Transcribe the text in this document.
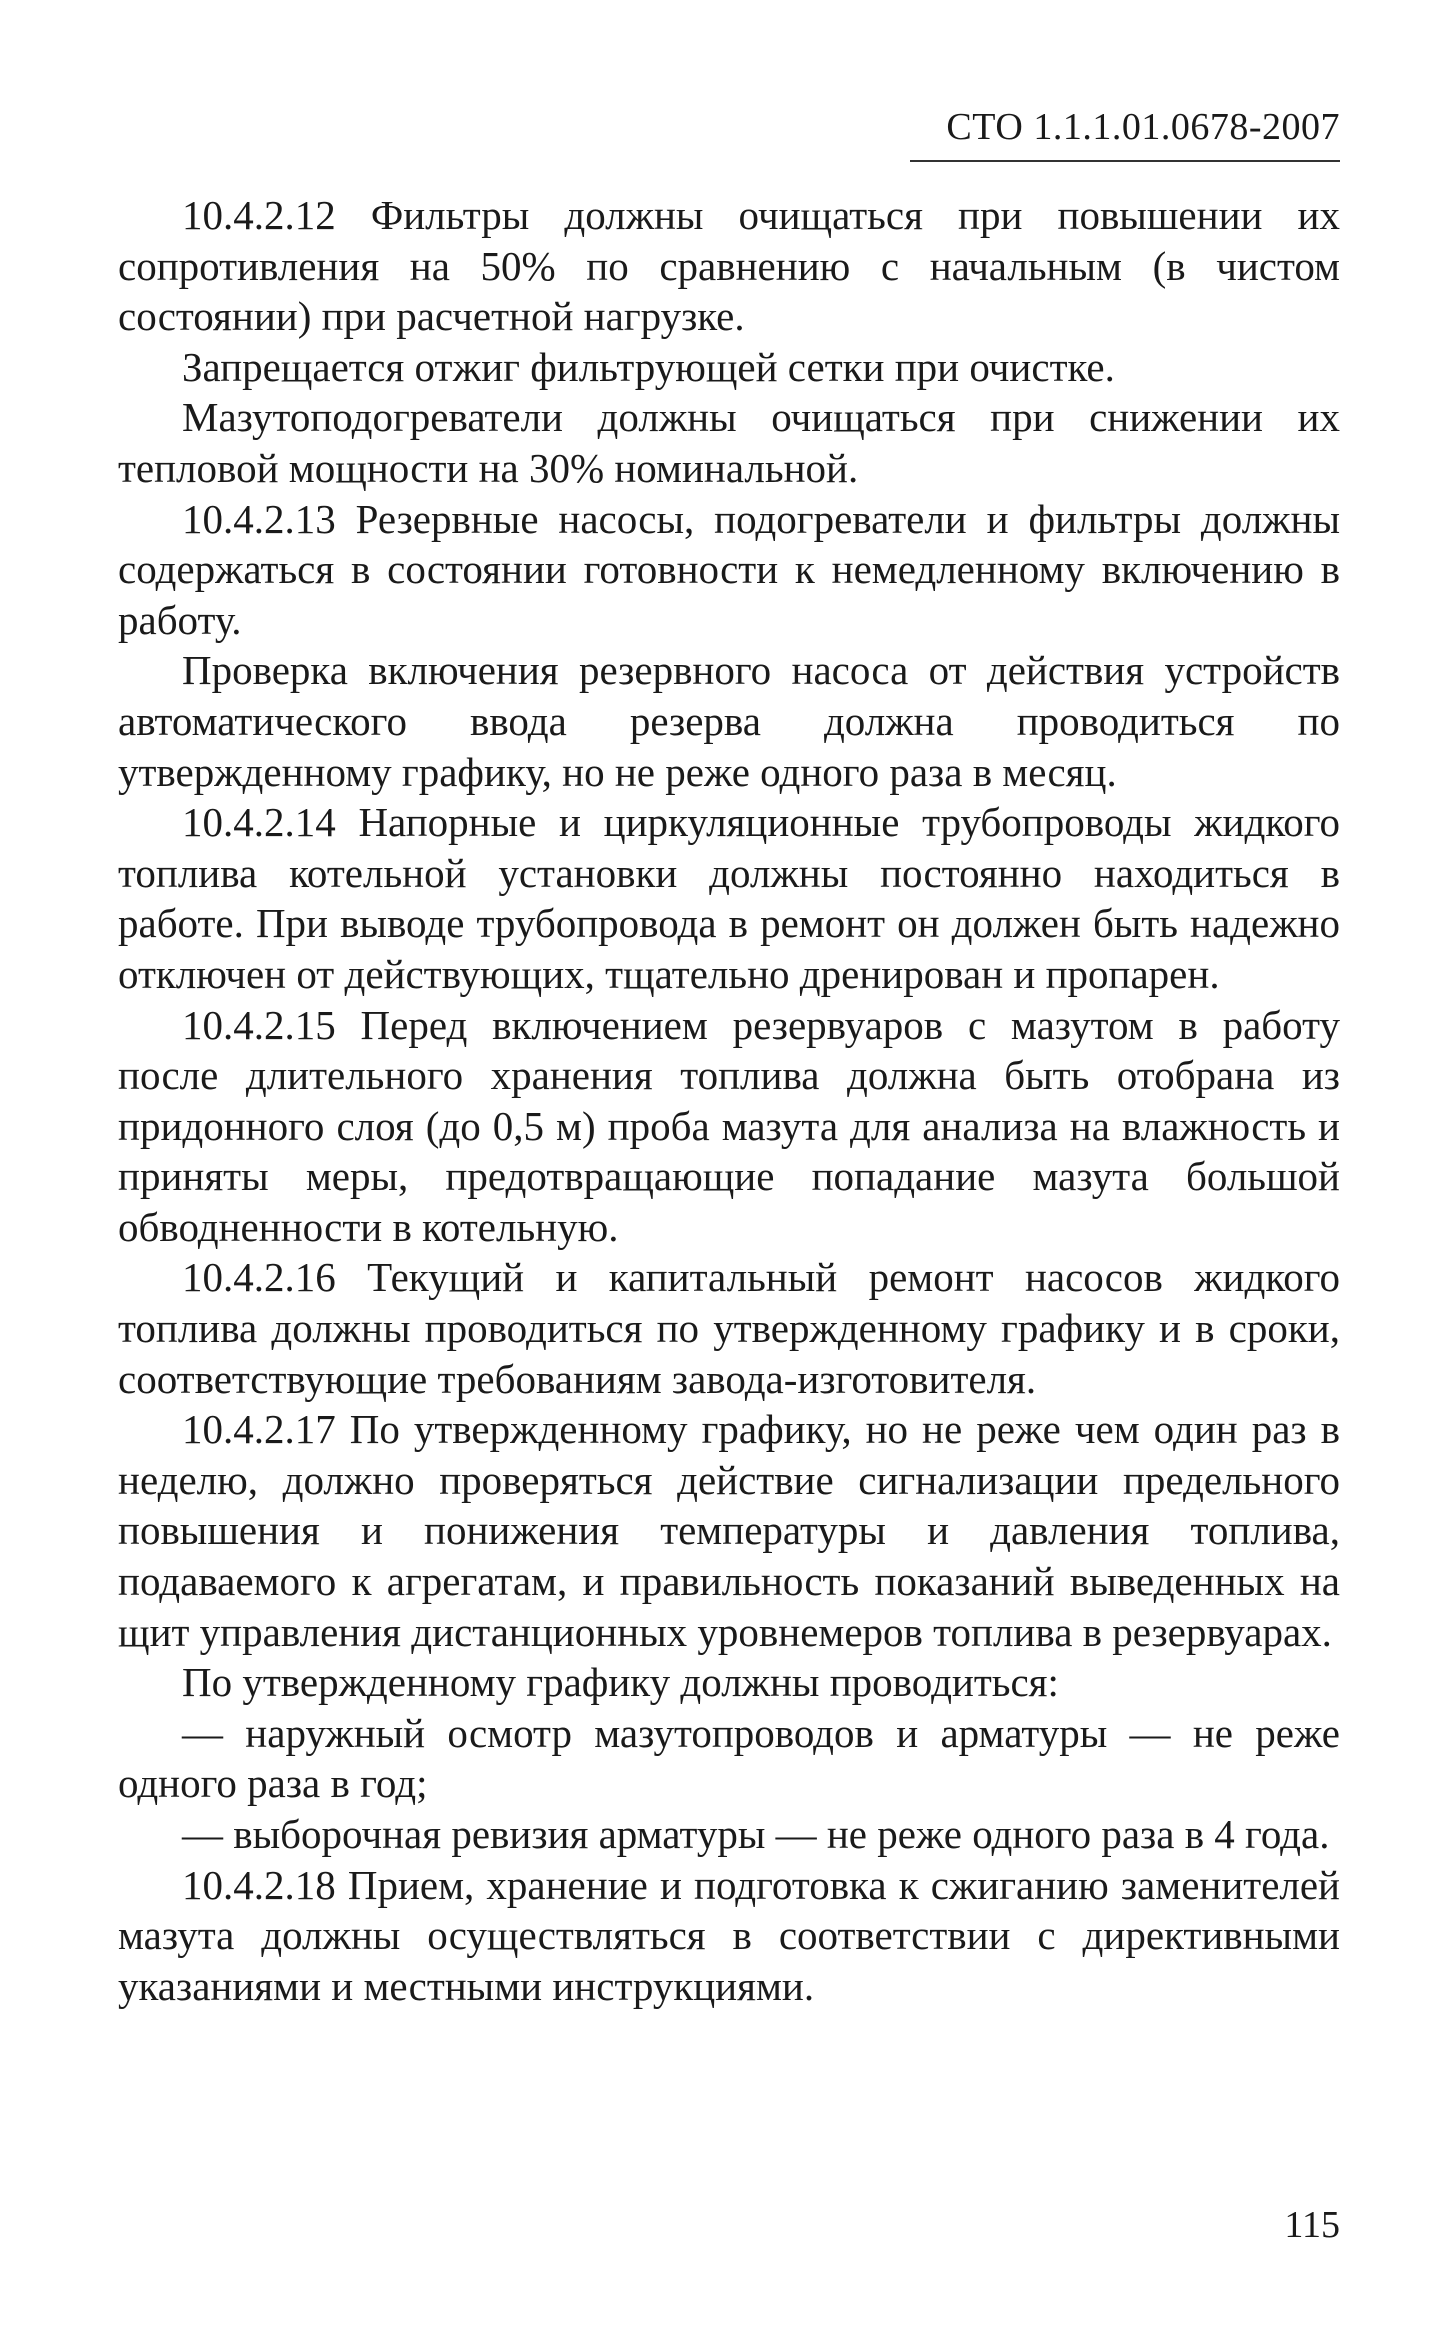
СТО 1.1.1.01.0678-2007

10.4.2.12 Фильтры должны очищаться при повышении их сопротивления на 50% по сравнению с начальным (в чистом состоянии) при расчетной нагрузке.

Запрещается отжиг фильтрующей сетки при очистке.

Мазутоподогреватели должны очищаться при снижении их тепловой мощности на 30% номинальной.

10.4.2.13 Резервные насосы, подогреватели и фильтры должны содержаться в состоянии готовности к немедленному включению в работу.

Проверка включения резервного насоса от действия устройств автоматического ввода резерва должна проводиться по утвержденному графику, но не реже одного раза в месяц.

10.4.2.14 Напорные и циркуляционные трубопроводы жидкого топлива котельной установки должны постоянно находиться в работе. При выводе трубопровода в ремонт он должен быть надежно отключен от действующих, тщательно дренирован и пропарен.

10.4.2.15 Перед включением резервуаров с мазутом в работу после длительного хранения топлива должна быть отобрана из придонного слоя (до 0,5 м) проба мазута для анализа на влажность и приняты меры, предотвращающие попадание мазута большой обводненности в котельную.

10.4.2.16 Текущий и капитальный ремонт насосов жидкого топлива должны проводиться по утвержденному графику и в сроки, соответствующие требованиям завода-изготовителя.

10.4.2.17 По утвержденному графику, но не реже чем один раз в неделю, должно проверяться действие сигнализации предельного повышения и понижения температуры и давления топлива, подаваемого к агрегатам, и правильность показаний выведенных на щит управления дистанционных уровнемеров топлива в резервуарах.

По утвержденному графику должны проводиться:

— наружный осмотр мазутопроводов и арматуры — не реже одного раза в год;

— выборочная ревизия арматуры — не реже одного раза в 4 года.

10.4.2.18 Прием, хранение и подготовка к сжиганию заменителей мазута должны осуществляться в соответствии с директивными указаниями и местными инструкциями.

115
